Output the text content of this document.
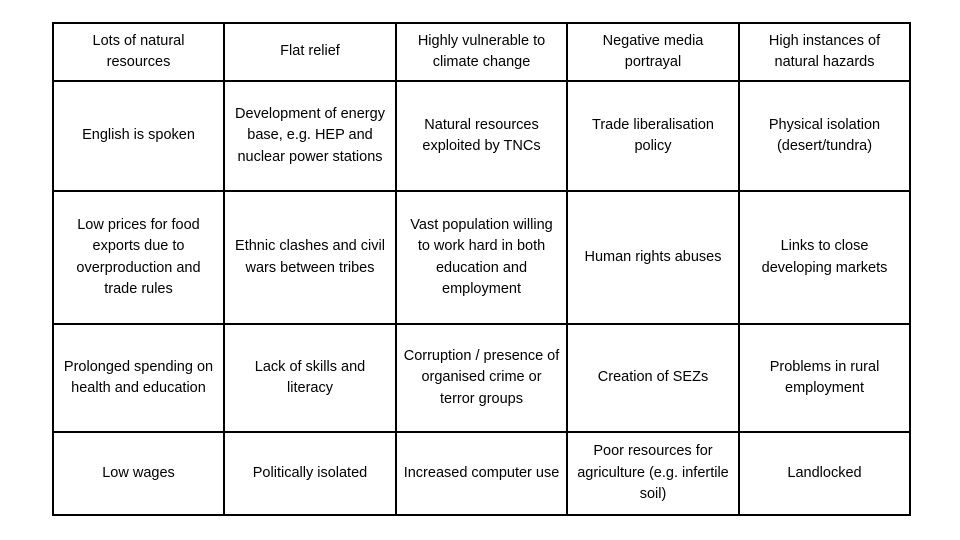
Lots of natural resources	Flat relief	Highly vulnerable to climate change	Negative media portrayal	High instances of natural hazards
English is spoken	Development of energy base, e.g. HEP and nuclear power stations	Natural resources exploited by TNCs	Trade liberalisation policy	Physical isolation (desert/tundra)
Low prices for food exports due to overproduction and trade rules	Ethnic clashes and civil wars between tribes	Vast population willing to work hard in both education and employment	Human rights abuses	Links to close developing markets
Prolonged spending on health and education	Lack of skills and literacy	Corruption / presence of organised crime or terror groups	Creation of SEZs	Problems in rural employment
Low wages	Politically isolated	Increased computer use	Poor resources for agriculture (e.g. infertile soil)	Landlocked
